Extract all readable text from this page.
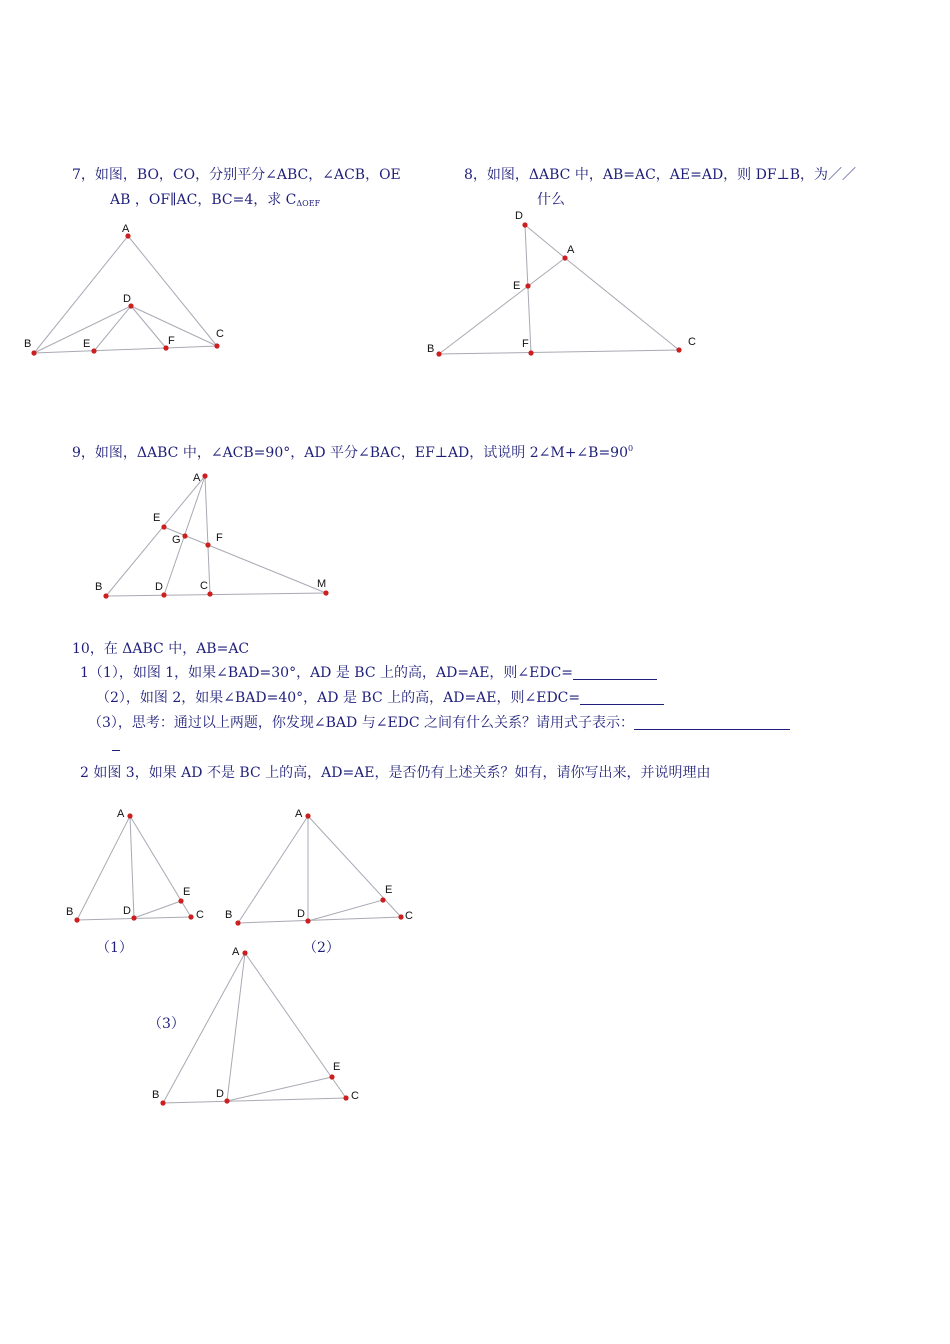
7，如图，BO，CO，分别平分∠ABC，∠ACB，OE
AB ，OF∥AC，BC=4，求 $C_{\Delta OEF}$
8，如图，ΔABC 中，AB=AC，AE=AD，则 DF⊥B，为／／
什么
9，如图，ΔABC 中，∠ACB=90°，AD 平分∠BAC，EF⊥AD，试说明 $2\angle M+\angle B=90^0$
10，在 ΔABC 中，AB=AC
1（1），如图 1，如果∠BAD=30°，AD 是 BC 上的高，AD=AE，则∠EDC=
（2），如图 2，如果∠BAD=40°，AD 是 BC 上的高，AD=AE，则∠EDC=
（3），思考：通过以上两题，你发现∠BAD 与∠EDC 之间有什么关系？请用式子表示：
2 如图 3，如果 AD 不是 BC 上的高，AD=AE，是否仍有上述关系？如有，请你写出来，并说明理由
（1）	（2）
（3）
A
B
C
D
E	F
A
B
C
D
E
F
A
B	C
D
E
F
G
M
A
B	C
D
E
A
B	C
D
E
A
B	C
D
E
